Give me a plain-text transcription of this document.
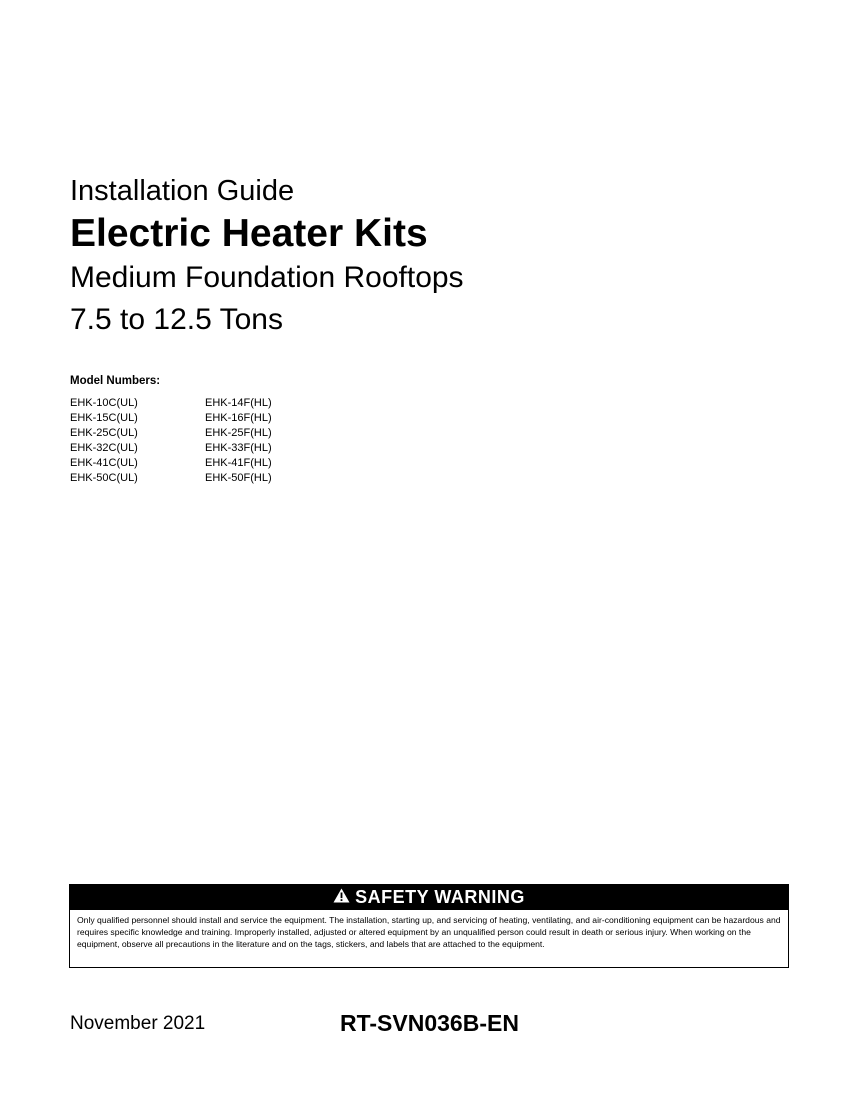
Installation Guide
Electric Heater Kits
Medium Foundation Rooftops
7.5 to 12.5 Tons
Model Numbers:
EHK-10C(UL)
EHK-15C(UL)
EHK-25C(UL)
EHK-32C(UL)
EHK-41C(UL)
EHK-50C(UL)
EHK-14F(HL)
EHK-16F(HL)
EHK-25F(HL)
EHK-33F(HL)
EHK-41F(HL)
EHK-50F(HL)
SAFETY WARNING
Only qualified personnel should install and service the equipment. The installation, starting up, and servicing of heating, ventilating, and air-conditioning equipment can be hazardous and requires specific knowledge and training. Improperly installed, adjusted or altered equipment by an unqualified person could result in death or serious injury. When working on the equipment, observe all precautions in the literature and on the tags, stickers, and labels that are attached to the equipment.
November 2021	RT-SVN036B-EN
